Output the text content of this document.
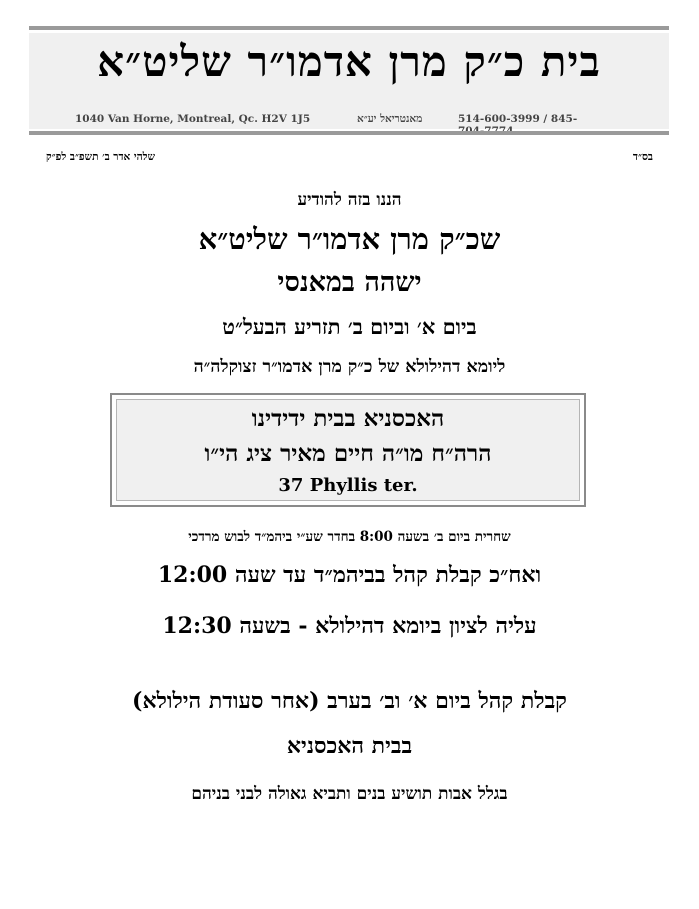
בית כ״ק מרן אדמו״ר שליט״א
1040 Van Horne, Montreal, Qc. H2V 1J5	מאנטריאל יע״א	514-600-3999 / 845-
בס״ד
שלהי אדר ב׳ תשפ״ב לפ״ק
הננו בזה להודיע
שכ״ק מרן אדמו״ר שליט״א
ישהה במאנסי
ביום א׳ וביום ב׳ תזריע הבעל״ט
ליומא דהילולא של כ״ק מרן אדמו״ר זצוקלה״ה
האכסניא בבית ידידינו
הרה״ח מו״ה חיים מאיר ציג הי״ו
37 Phyllis ter.
שחרית ביום ב׳ בשעה 8:00 בחדר שע״י ביהמ״ד לבוש מרדכי
ואח״כ קבלת קהל בביהמ״ד עד שעה 12:00
עליה לציון ביומא דהילולא - בשעה 12:30
קבלת קהל ביום א׳ וב׳ בערב (אחר סעודת הילולא)
בבית האכסניא
בגלל אבות תושיע בנים ותביא גאולה לבני בניהם
